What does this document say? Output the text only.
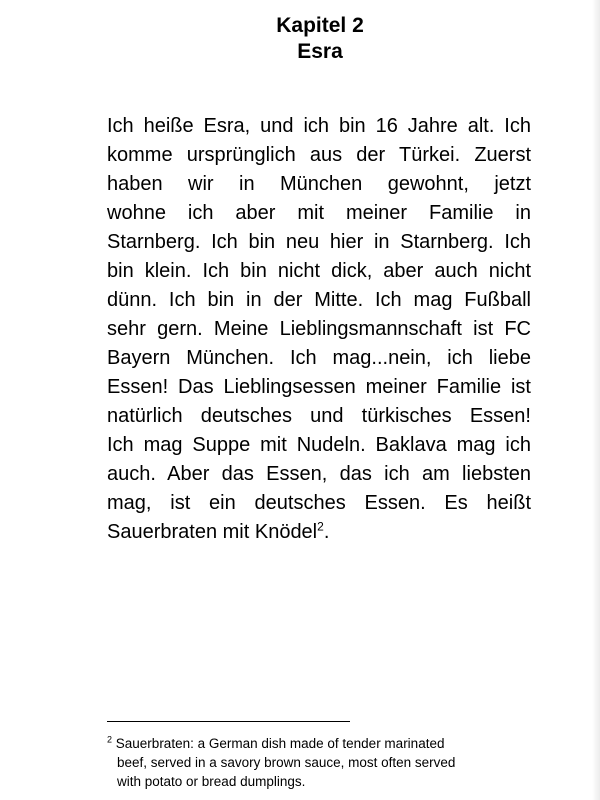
Kapitel 2
Esra
Ich heiße Esra, und ich bin 16 Jahre alt. Ich
komme ursprünglich aus der Türkei. Zuerst
haben wir in München gewohnt, jetzt
wohne ich aber mit meiner Familie in
Starnberg. Ich bin neu hier in Starnberg. Ich
bin klein. Ich bin nicht dick, aber auch nicht
dünn. Ich bin in der Mitte. Ich mag Fußball
sehr gern. Meine Lieblingsmannschaft ist FC
Bayern München. Ich mag...nein, ich liebe
Essen! Das Lieblingsessen meiner Familie ist
natürlich deutsches und türkisches Essen!
Ich mag Suppe mit Nudeln. Baklava mag ich
auch. Aber das Essen, das ich am liebsten
mag, ist ein deutsches Essen. Es heißt
Sauerbraten mit Knödel$^2$.
$^2$ Sauerbraten: a German dish made of tender marinated
beef, served in a savory brown sauce, most often served
with potato or bread dumplings.
